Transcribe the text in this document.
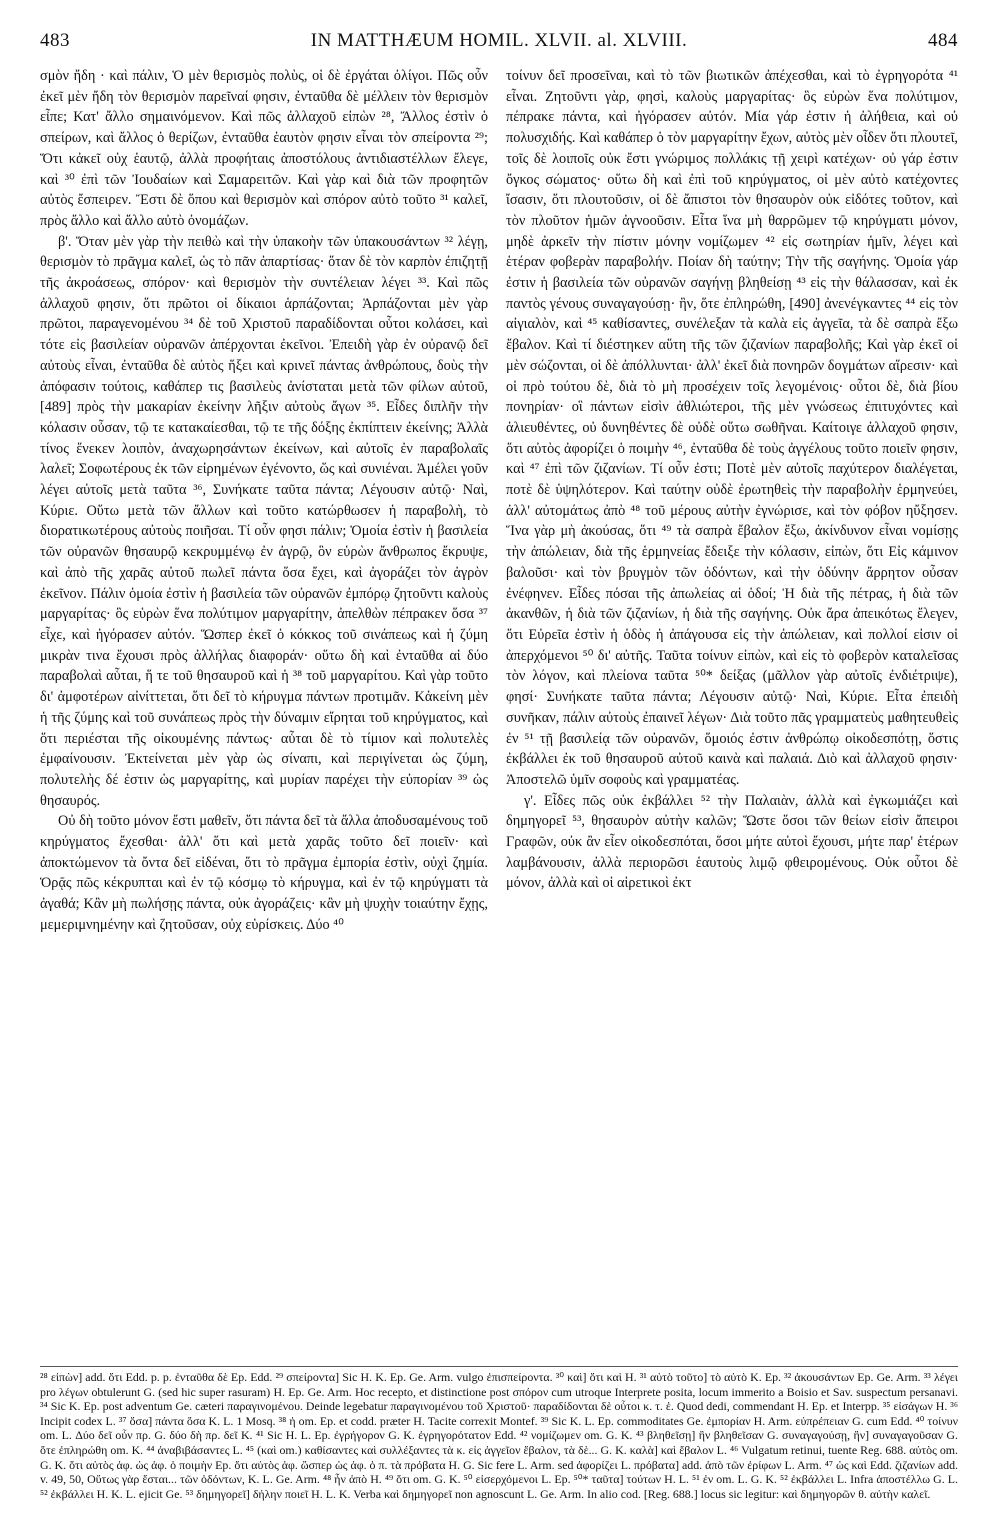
483	IN MATTHÆUM HOMIL. XLVII. al. XLVIII.	484

σμὸν ἤδη · καὶ πάλιν, Ὁ μὲν θερισμὸς πολὺς, οἱ δὲ ἐργάται ὀλίγοι. Πῶς οὖν ἐκεῖ μὲν ἤδη τὸν θερισμὸν παρεῖναί φησιν, ἐνταῦθα δὲ μέλλειν τὸν θερισμὸν εἶπε; Κατ' ἄλλο σημαινόμενον. Καὶ πῶς ἀλλαχοῦ εἰπὼν ²⁸, Ἄλλος ἐστὶν ὁ σπείρων, καὶ ἄλλος ὁ θερίζων, ἐνταῦθα ἑαυτὸν φησιν εἶναι τὸν σπείροντα ²⁹; Ὅτι κἀκεῖ οὐχ ἑαυτῷ, ἀλλὰ προφήταις ἀποστόλους ἀντιδιαστέλλων ἔλεγε, καὶ ³⁰ ἐπὶ τῶν Ἰουδαίων καὶ Σαμαρειτῶν. Καὶ γὰρ καὶ διὰ τῶν προφητῶν αὐτὸς ἔσπειρεν. Ἔστι δὲ ὅπου καὶ θερισμὸν καὶ σπόρον αὐτὸ τοῦτο ³¹ καλεῖ, πρὸς ἄλλο καὶ ἄλλο αὐτὸ ὀνομάζων.

β'. Ὅταν μὲν γὰρ τὴν πειθὼ καὶ τὴν ὑπακοὴν τῶν ὑπακουσάντων ³² λέγῃ, θερισμὸν τὸ πρᾶγμα καλεῖ, ὡς τὸ πᾶν ἀπαρτίσας· ὅταν δὲ τὸν καρπὸν ἐπιζητῇ τῆς ἀκροάσεως, σπόρον· καὶ θερισμὸν τὴν συντέλειαν λέγει ³³. Καὶ πῶς ἀλλαχοῦ φησιν, ὅτι πρῶτοι οἱ δίκαιοι ἁρπάζονται; Ἁρπάζονται μὲν γὰρ πρῶτοι, παραγενομένου ³⁴ δὲ τοῦ Χριστοῦ παραδίδονται οὗτοι κολάσει, καὶ τότε εἰς βασιλείαν οὐρανῶν ἀπέρχονται ἐκεῖνοι. Ἐπειδὴ γὰρ ἐν οὐρανῷ δεῖ αὐτοὺς εἶναι, ἐνταῦθα δὲ αὐτὸς ἥξει καὶ κρινεῖ πάντας ἀνθρώπους, δοὺς τὴν ἀπόφασιν τούτοις, καθάπερ τις βασιλεὺς ἀνίσταται μετὰ τῶν φίλων αὐτοῦ, [489] πρὸς τὴν μακαρίαν ἐκείνην λῆξιν αὐτοὺς ἄγων ³⁵. Εἶδες διπλῆν τὴν κόλασιν οὖσαν, τῷ τε κατακαίεσθαι, τῷ τε τῆς δόξης ἐκπίπτειν ἐκείνης; Ἀλλὰ τίνος ἕνεκεν λοιπὸν, ἀναχωρησάντων ἐκείνων, καὶ αὐτοῖς ἐν παραβολαῖς λαλεῖ; Σοφωτέρους ἐκ τῶν εἰρημένων ἐγένοντο, ὥς καὶ συνιέναι. Ἀμέλει γοῦν λέγει αὐτοῖς μετὰ ταῦτα ³⁶, Συνήκατε ταῦτα πάντα; Λέγουσιν αὐτῷ· Ναὶ, Κύριε. Οὕτω μετὰ τῶν ἄλλων καὶ τοῦτο κατώρθωσεν ἡ παραβολὴ, τὸ διορατικωτέρους αὐτοὺς ποιῆσαι. Τί οὖν φησι πάλιν; Ὁμοία ἐστὶν ἡ βασιλεία τῶν οὐρανῶν θησαυρῷ κεκρυμμένῳ ἐν ἀγρῷ, ὃν εὑρὼν ἄνθρωπος ἔκρυψε, καὶ ἀπὸ τῆς χαρᾶς αὐτοῦ πωλεῖ πάντα ὅσα ἔχει, καὶ ἀγοράζει τὸν ἀγρὸν ἐκεῖνον. Πάλιν ὁμοία ἐστὶν ἡ βασιλεία τῶν οὐρανῶν ἐμπόρῳ ζητοῦντι καλοὺς μαργαρίτας· ὃς εὑρὼν ἕνα πολύτιμον μαργαρίτην, ἀπελθὼν πέπρακεν ὅσα ³⁷ εἶχε, καὶ ἠγόρασεν αὐτόν. Ὥσπερ ἐκεῖ ὁ κόκκος τοῦ σινάπεως καὶ ἡ ζύμη μικρὰν τινα ἔχουσι πρὸς ἀλλήλας διαφοράν· οὕτω δὴ καὶ ἐνταῦθα αἱ δύο παραβολαὶ αὗται, ἥ τε τοῦ θησαυροῦ καὶ ἡ ³⁸ τοῦ μαργαρίτου. Καὶ γὰρ τοῦτο δι' ἀμφοτέρων αἰνίττεται, ὅτι δεῖ τὸ κήρυγμα πάντων προτιμᾶν. Κἀκείνη μὲν ἡ τῆς ζύμης καὶ τοῦ συνάπεως πρὸς τὴν δύναμιν εἴρηται τοῦ κηρύγματος, καὶ ὅτι περιέσται τῆς οἰκουμένης πάντως· αὗται δὲ τὸ τίμιον καὶ πολυτελὲς ἐμφαίνουσιν. Ἐκτείνεται μὲν γὰρ ὡς σίναπι, καὶ περιγίνεται ὡς ζύμη, πολυτελὴς δέ ἐστιν ὡς μαργαρίτης, καὶ μυρίαν παρέχει τὴν εὐπορίαν ³⁹ ὡς θησαυρός.

Οὐ δὴ τοῦτο μόνον ἔστι μαθεῖν, ὅτι πάντα δεῖ τὰ ἄλλα ἀποδυσαμένους τοῦ κηρύγματος ἔχεσθαι· ἀλλ' ὅτι καὶ μετὰ χαρᾶς τοῦτο δεῖ ποιεῖν· καὶ ἀποκτώμενον τὰ ὄντα δεῖ εἰδέναι, ὅτι τὸ πρᾶγμα ἐμπορία ἐστὶν, οὐχὶ ζημία. Ὁρᾷς πῶς κέκρυπται καὶ ἐν τῷ κόσμῳ τὸ κήρυγμα, καὶ ἐν τῷ κηρύγματι τὰ ἀγαθά; Κἂν μὴ πωλήσῃς πάντα, οὐκ ἀγοράζεις· κἂν μὴ ψυχὴν τοιαύτην ἔχῃς, μεμεριμνημένην καὶ ζητοῦσαν, οὐχ εὑρίσκεις. Δύο ⁴⁰

τοίνυν δεῖ προσεῖναι, καὶ τὸ τῶν βιωτικῶν ἀπέχεσθαι, καὶ τὸ ἐγρηγορότα ⁴¹ εἶναι. Ζητοῦντι γὰρ, φησὶ, καλοὺς μαργαρίτας· ὃς εὑρὼν ἕνα πολύτιμον, πέπρακε πάντα, καὶ ἠγόρασεν αὐτόν. Μία γάρ ἐστιν ἡ ἀλήθεια, καὶ οὐ πολυσχιδής. Καὶ καθάπερ ὁ τὸν μαργαρίτην ἔχων, αὐτὸς μὲν οἶδεν ὅτι πλουτεῖ, τοῖς δὲ λοιποῖς οὐκ ἔστι γνώριμος πολλάκις τῇ χειρὶ κατέχων· οὐ γάρ ἐστιν ὄγκος σώματος· οὕτω δὴ καὶ ἐπὶ τοῦ κηρύγματος, οἱ μὲν αὐτὸ κατέχοντες ἴσασιν, ὅτι πλουτοῦσιν, οἱ δὲ ἄπιστοι τὸν θησαυρὸν οὐκ εἰδότες τοῦτον, καὶ τὸν πλοῦτον ἡμῶν ἀγνοοῦσιν. Εἶτα ἵνα μὴ θαρρῶμεν τῷ κηρύγματι μόνον, μηδὲ ἀρκεῖν τὴν πίστιν μόνην νομίζωμεν ⁴² εἰς σωτηρίαν ἡμῖν, λέγει καὶ ἑτέραν φοβερὰν παραβολήν. Ποίαν δὴ ταύτην; Τὴν τῆς σαγήνης. Ὁμοία γάρ ἐστιν ἡ βασιλεία τῶν οὐρανῶν σαγήνῃ βληθείσῃ ⁴³ εἰς τὴν θάλασσαν, καὶ ἐκ παντὸς γένους συναγαγούσῃ· ἣν, ὅτε ἐπληρώθη, [490] ἀνενέγκαντες ⁴⁴ εἰς τὸν αἰγιαλὸν, καὶ ⁴⁵ καθίσαντες, συνέλεξαν τὰ καλὰ εἰς ἀγγεῖα, τὰ δὲ σαπρὰ ἔξω ἔβαλον. Καὶ τί διέστηκεν αὕτη τῆς τῶν ζιζανίων παραβολῆς; Καὶ γὰρ ἐκεῖ οἱ μὲν σώζονται, οἱ δὲ ἀπόλλυνται· ἀλλ' ἐκεῖ διὰ πονηρῶν δογμάτων αἵρεσιν· καὶ οἱ πρὸ τούτου δὲ, διὰ τὸ μὴ προσέχειν τοῖς λεγομένοις· οὗτοι δὲ, διὰ βίου πονηρίαν· οἳ πάντων εἰσὶν ἀθλιώτεροι, τῆς μὲν γνώσεως ἐπιτυχόντες καὶ ἁλιευθέντες, οὐ δυνηθέντες δὲ οὐδὲ οὕτω σωθῆναι. Καίτοιγε ἀλλαχοῦ φησιν, ὅτι αὐτὸς ἀφορίζει ὁ ποιμὴν ⁴⁶, ἐνταῦθα δὲ τοὺς ἀγγέλους τοῦτο ποιεῖν φησιν, καὶ ⁴⁷ ἐπὶ τῶν ζιζανίων. Τί οὖν ἐστι; Ποτὲ μὲν αὐτοῖς παχύτερον διαλέγεται, ποτὲ δὲ ὑψηλότερον. Καὶ ταύτην οὐδὲ ἐρωτηθεὶς τὴν παραβολὴν ἑρμηνεύει, ἀλλ' αὐτομάτως ἀπὸ ⁴⁸ τοῦ μέρους αὐτὴν ἐγνώρισε, καὶ τὸν φόβον ηὔξησεν. Ἵνα γὰρ μὴ ἀκούσας, ὅτι ⁴⁹ τὰ σαπρὰ ἔβαλον ἔξω, ἀκίνδυνον εἶναι νομίσῃς τὴν ἀπώλειαν, διὰ τῆς ἑρμηνείας ἔδειξε τὴν κόλασιν, εἰπὼν, ὅτι Εἰς κάμινον βαλοῦσι· καὶ τὸν βρυγμὸν τῶν ὀδόντων, καὶ τὴν ὀδύνην ἄρρητον οὖσαν ἐνέφηνεν. Εἶδες πόσαι τῆς ἀπωλείας αἱ ὁδοί; Ἡ διὰ τῆς πέτρας, ἡ διὰ τῶν ἀκανθῶν, ἡ διὰ τῶν ζιζανίων, ἡ διὰ τῆς σαγήνης. Οὐκ ἄρα ἀπεικότως ἔλεγεν, ὅτι Εὐρεῖα ἐστὶν ἡ ὁδὸς ἡ ἀπάγουσα εἰς τὴν ἀπώλειαν, καὶ πολλοί εἰσιν οἱ ἀπερχόμενοι ⁵⁰ δι' αὐτῆς. Ταῦτα τοίνυν εἰπὼν, καὶ εἰς τὸ φοβερὸν καταλεῖσας τὸν λόγον, καὶ πλείονα ταῦτα ⁵⁰* δείξας (μᾶλλον γὰρ αὐτοῖς ἐνδιέτριψε), φησί· Συνήκατε ταῦτα πάντα; Λέγουσιν αὐτῷ· Ναὶ, Κύριε. Εἶτα ἐπειδὴ συνῆκαν, πάλιν αὐτοὺς ἐπαινεῖ λέγων· Διὰ τοῦτο πᾶς γραμματεὺς μαθητευθεὶς ἐν ⁵¹ τῇ βασιλείᾳ τῶν οὐρανῶν, ὅμοιός ἐστιν ἀνθρώπῳ οἰκοδεσπότῃ, ὅστις ἐκβάλλει ἐκ τοῦ θησαυροῦ αὐτοῦ καινὰ καὶ παλαιά. Διὸ καὶ ἀλλαχοῦ φησιν· Ἀποστελῶ ὑμῖν σοφοὺς καὶ γραμματέας.

γ'. Εἶδες πῶς οὐκ ἐκβάλλει ⁵² τὴν Παλαιὰν, ἀλλὰ καὶ ἐγκωμιάζει καὶ δημηγορεῖ ⁵³, θησαυρὸν αὐτὴν καλῶν; Ὥστε ὅσοι τῶν θείων εἰσὶν ἄπειροι Γραφῶν, οὐκ ἂν εἶεν οἰκοδεσπόται, ὅσοι μήτε αὐτοὶ ἔχουσι, μήτε παρ' ἑτέρων λαμβάνουσιν, ἀλλὰ περιορῶσι ἑαυτοὺς λιμῷ φθειρομένους. Οὐκ οὗτοι δὲ μόνον, ἀλλὰ καὶ οἱ αἱρετικοὶ ἐκτ

²⁸ εἰπὼν] add. ὅτι Edd. p. p. ἐνταῦθα δὲ Ep. Edd. ²⁹ σπείροντα] Sic H. K. Ep. Ge. Arm. vulgo ἐπισπείροντα. ³⁰ καὶ] ὅτι καὶ H. ³¹ αὐτὸ τοῦτο] τὸ αὐτὸ K. Ep. ³² ἀκουσάντων Ep. Ge. Arm. ³³ λέγει pro λέγων obtulerunt G. (sed hic super rasuram) H. Ep. Ge. Arm. Hoc recepto, et distinctione post σπόρον cum utroque Interprete posita, locum immerito a Boisio et Sav. suspectum persanavi. ³⁴ Sic K. Ep. post adventum Ge. cæteri παραγινομένου. Deinde legebatur παραγινομένου τοῦ Χριστοῦ· παραδίδονται δὲ οὗτοι κ. τ. ἑ. Quod dedi, commendant H. Ep. et Interpp. ³⁵ εἰσάγων H. ³⁶ Incipit codex L. ³⁷ ὅσα] πάντα ὅσα K. L. 1 Mosq. ³⁸ ἡ om. Ep. et codd. præter H. Tacite correxit Montef. ³⁹ Sic K. L. Ep. commoditates Ge. ἐμπορίαν H. Arm. εὐπρέπειαν G. cum Edd. ⁴⁰ τοίνυν om. L. Δύο δεῖ οὖν πρ. G. δύο δὴ πρ. δεῖ K. ⁴¹ Sic H. L. Ep. ἐγρήγορον G. K. ἐγρηγορότατον Edd. ⁴² νομίζωμεν om. G. K. ⁴³ βληθεῖσῃ] ἣν βληθεῖσαν G. συναγαγούσῃ, ἣν] συναγαγοῦσαν G. ὅτε ἐπληρώθη om. K. ⁴⁴ ἀναβιβάσαντες L. ⁴⁵ (καὶ om.) καθίσαντες καὶ συλλέξαντες τὰ κ. εἰς ἀγγεῖον ἔβαλον, τὰ δὲ... G. K. καλὰ] καὶ ἔβαλον L. ⁴⁶ Vulgatum retinui, tuente Reg. 688. αὐτὸς om. G. K. ὅτι αὐτὸς ἀφ. ὡς ἀφ. ὁ ποιμὴν Ep. ὅτι αὐτὸς ἀφ. ὥσπερ ὡς ἀφ. ὁ π. τὰ πρόβατα H. G. Sic fere L. Arm. sed ἀφορίζει L. πρόβατα] add. ἀπὸ τῶν ἐρίφων L. Arm. ⁴⁷ ὡς καὶ Edd. ζιζανίων add. v. 49, 50, Οὕτως γὰρ ἔσται... τῶν ὀδόντων, K. L. Ge. Arm. ⁴⁸ ἦν ἀπὸ H. ⁴⁹ ὅτι om. G. K. ⁵⁰ εἰσερχόμενοι L. Ep. ⁵⁰* ταῦτα] τούτων H. L. ⁵¹ ἐν om. L. G. K. ⁵² ἐκβάλλει L. Infra ἀποστέλλω G. L. ⁵² ἐκβάλλει H. K. L. ejicit Ge. ⁵³ δημηγορεῖ] δήλην ποιεῖ H. L. K. Verba καὶ δημηγορεῖ non agnoscunt L. Ge. Arm. In alio cod. [Reg. 688.] locus sic legitur: καὶ δημηγορῶν θ. αὐτὴν καλεῖ.
